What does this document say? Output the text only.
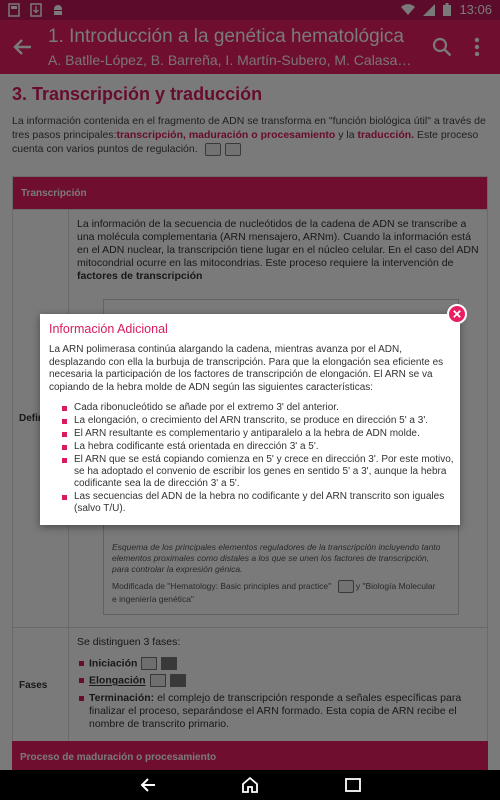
Información Adicional
La ARN polimerasa continúa alargando la cadena, mientras avanza por el ADN, desplazando con ella la burbuja de transcripción. Para que la elongación sea eficiente es necesaria la participación de los factores de transcripción de elongación. El ARN se va copiando de la hebra molde de ADN según las siguientes características:
Cada ribonucleótido se añade por el extremo 3' del anterior.
La elongación, o crecimiento del ARN transcrito, se produce en dirección 5' a 3'.
El ARN resultante es complementario y antiparalelo a la hebra de ADN molde.
La hebra codificante está orientada en dirección 3' a 5'.
El ARN que se está copiando comienza en 5' y crece en dirección 3'. Por este motivo, se ha adoptado el convenio de escribir los genes en sentido 5' a 3', aunque la hebra codificante sea la de dirección 3' a 5'.
Las secuencias del ADN de la hebra no codificante y del ARN transcrito son iguales (salvo T/U).
